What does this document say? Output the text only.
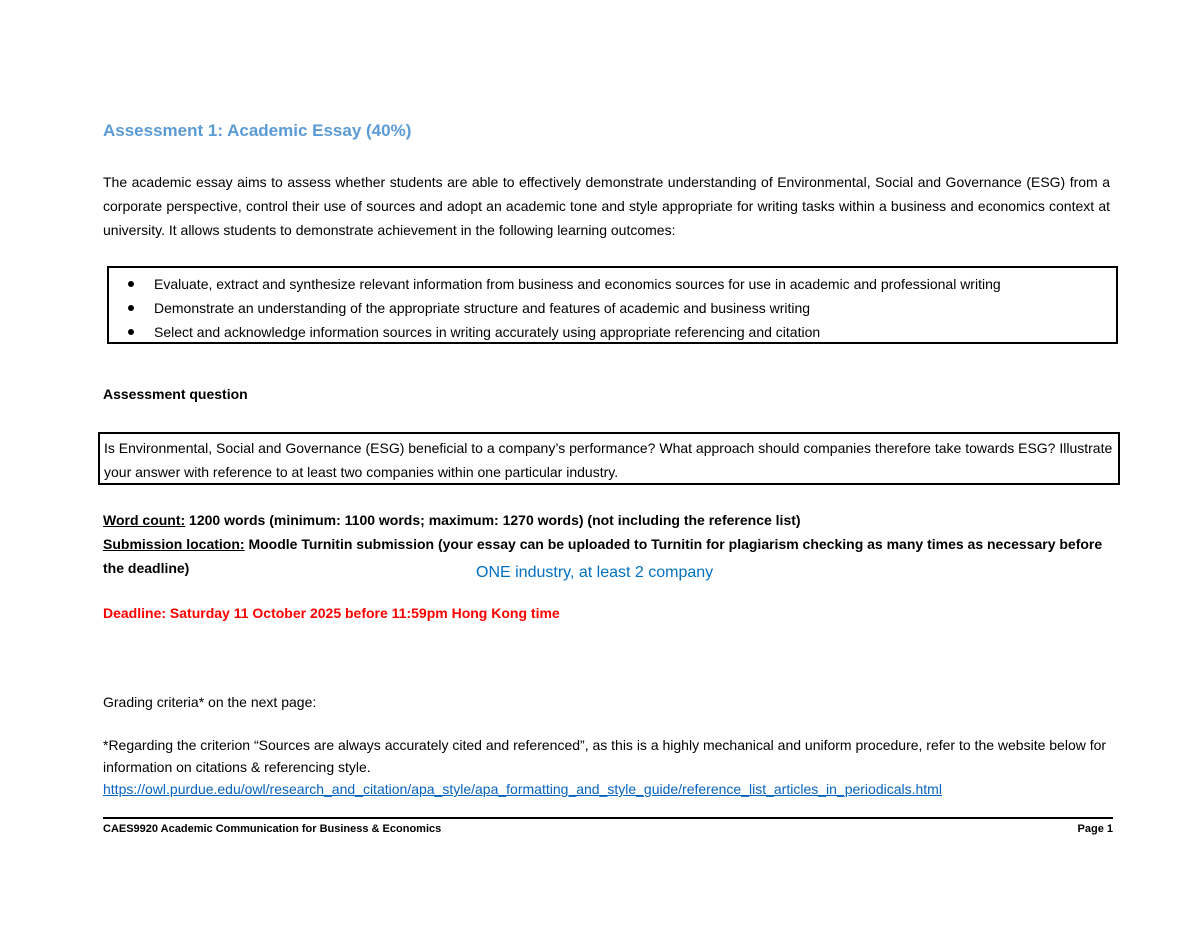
Assessment 1: Academic Essay (40%)
The academic essay aims to assess whether students are able to effectively demonstrate understanding of Environmental, Social and Governance (ESG) from a corporate perspective, control their use of sources and adopt an academic tone and style appropriate for writing tasks within a business and economics context at university. It allows students to demonstrate achievement in the following learning outcomes:
Evaluate, extract and synthesize relevant information from business and economics sources for use in academic and professional writing
Demonstrate an understanding of the appropriate structure and features of academic and business writing
Select and acknowledge information sources in writing accurately using appropriate referencing and citation
Assessment question
Is Environmental, Social and Governance (ESG) beneficial to a company’s performance? What approach should companies therefore take towards ESG? Illustrate your answer with reference to at least two companies within one particular industry.
Word count: 1200 words (minimum: 1100 words; maximum: 1270 words) (not including the reference list)
Submission location: Moodle Turnitin submission (your essay can be uploaded to Turnitin for plagiarism checking as many times as necessary before the deadline)	ONE industry, at least 2 company
Deadline: Saturday 11 October 2025 before 11:59pm Hong Kong time
Grading criteria* on the next page:
*Regarding the criterion “Sources are always accurately cited and referenced”, as this is a highly mechanical and uniform procedure, refer to the website below for information on citations & referencing style.
https://owl.purdue.edu/owl/research_and_citation/apa_style/apa_formatting_and_style_guide/reference_list_articles_in_periodicals.html
CAES9920 Academic Communication for Business & Economics	Page 1
